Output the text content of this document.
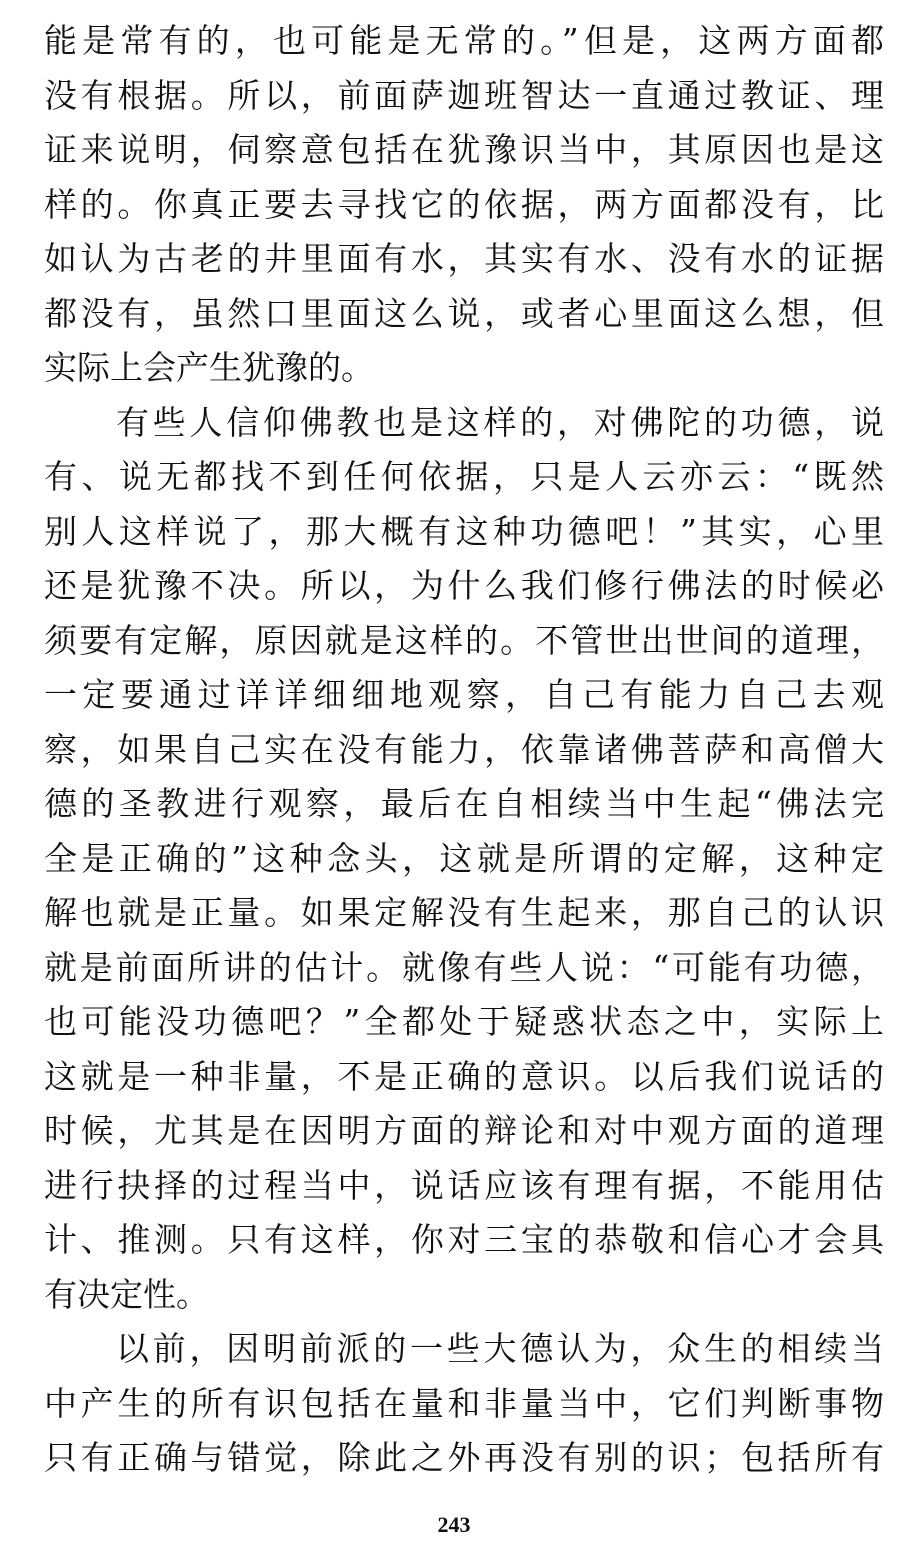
能是常有的，也可能是无常的。”但是，这两方面都
没有根据。所以，前面萨迦班智达一直通过教证、理
证来说明，伺察意包括在犹豫识当中，其原因也是这
样的。你真正要去寻找它的依据，两方面都没有，比
如认为古老的井里面有水，其实有水、没有水的证据
都没有，虽然口里面这么说，或者心里面这么想，但
实际上会产生犹豫的。
有些人信仰佛教也是这样的，对佛陀的功德，说
有、说无都找不到任何依据，只是人云亦云：“既然
别人这样说了，那大概有这种功德吧！”其实，心里
还是犹豫不决。所以，为什么我们修行佛法的时候必
须要有定解，原因就是这样的。不管世出世间的道理，
一定要通过详详细细地观察，自己有能力自己去观
察，如果自己实在没有能力，依靠诸佛菩萨和高僧大
德的圣教进行观察，最后在自相续当中生起“佛法完
全是正确的”这种念头，这就是所谓的定解，这种定
解也就是正量。如果定解没有生起来，那自己的认识
就是前面所讲的估计。就像有些人说：“可能有功德，
也可能没功德吧？”全都处于疑惑状态之中，实际上
这就是一种非量，不是正确的意识。以后我们说话的
时候，尤其是在因明方面的辩论和对中观方面的道理
进行抉择的过程当中，说话应该有理有据，不能用估
计、推测。只有这样，你对三宝的恭敬和信心才会具
有决定性。
以前，因明前派的一些大德认为，众生的相续当
中产生的所有识包括在量和非量当中，它们判断事物
只有正确与错觉，除此之外再没有别的识；包括所有
243
